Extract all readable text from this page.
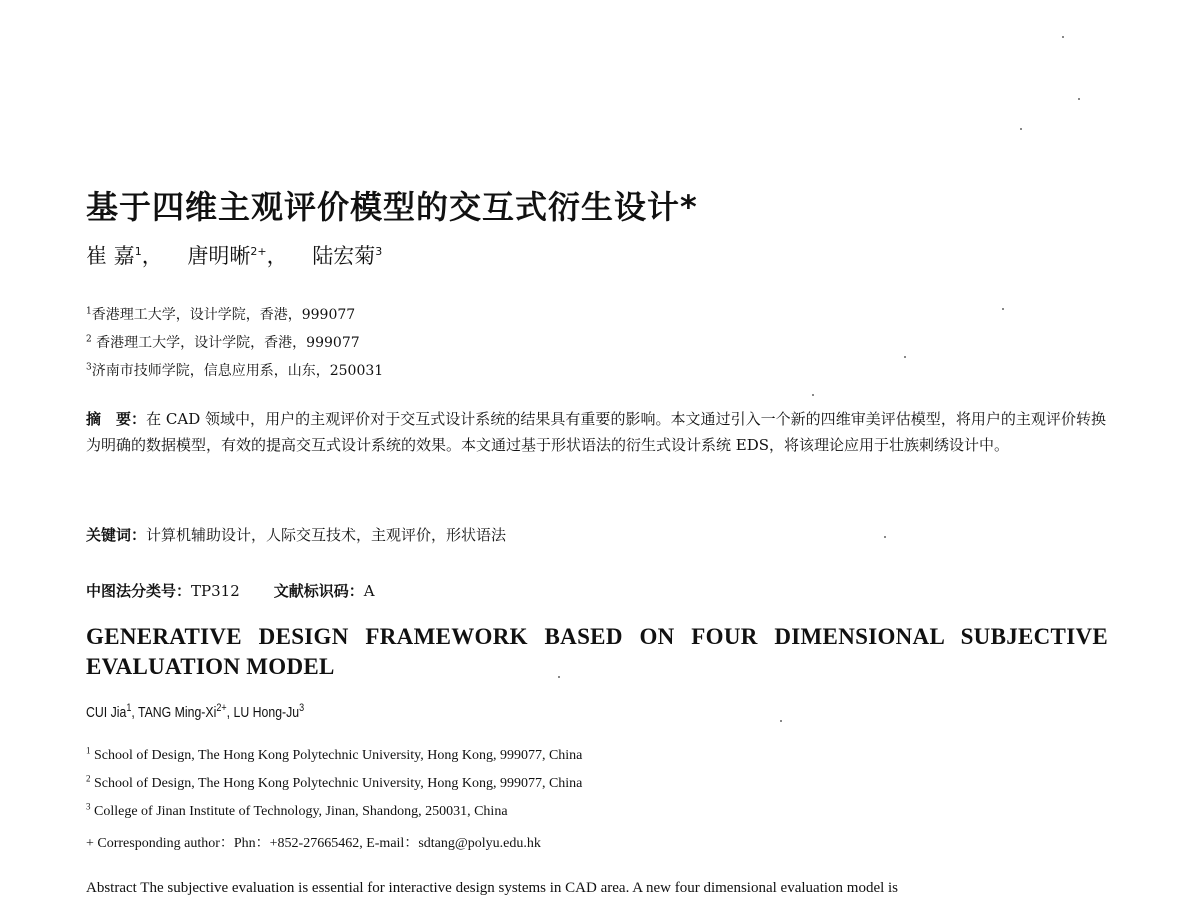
基于四维主观评价模型的交互式衍生设计*
崔 嘉$^1$， 唐明晰$^{2+}$， 陆宏菊$^3$
$^1$香港理工大学，设计学院，香港，999077
$^2$ 香港理工大学，设计学院，香港，999077
$^3$济南市技师学院，信息应用系，山东，250031
摘　要：在 CAD 领域中，用户的主观评价对于交互式设计系统的结果具有重要的影响。本文通过引入一个新的四维审美评估模型，将用户的主观评价转换为明确的数据模型，有效的提高交互式设计系统的效果。本文通过基于形状语法的衍生式设计系统 EDS，将该理论应用于壮族刺绣设计中。
关键词：计算机辅助设计，人际交互技术，主观评价，形状语法
中图法分类号：TP312 文献标识码：A
GENERATIVE DESIGN FRAMEWORK BASED ON FOUR DIMENSIONAL SUBJECTIVE EVALUATION MODEL
CUI Jia$^1$, TANG Ming-$Xi^{2+}$, LU Hong-Ju$^3$
$^1$ School of Design, The Hong Kong Polytechnic University, Hong Kong, 999077, China
$^2$ School of Design, The Hong Kong Polytechnic University, Hong Kong, 999077, China
$^3$ College of Jinan Institute of Technology, Jinan, Shandong, 250031, China
+ Corresponding author：Phn：+852-27665462, E-mail：sdtang@polyu.edu.hk
Abstract The subjective evaluation is essential for interactive design systems in CAD area. A new four dimensional evaluation model is
